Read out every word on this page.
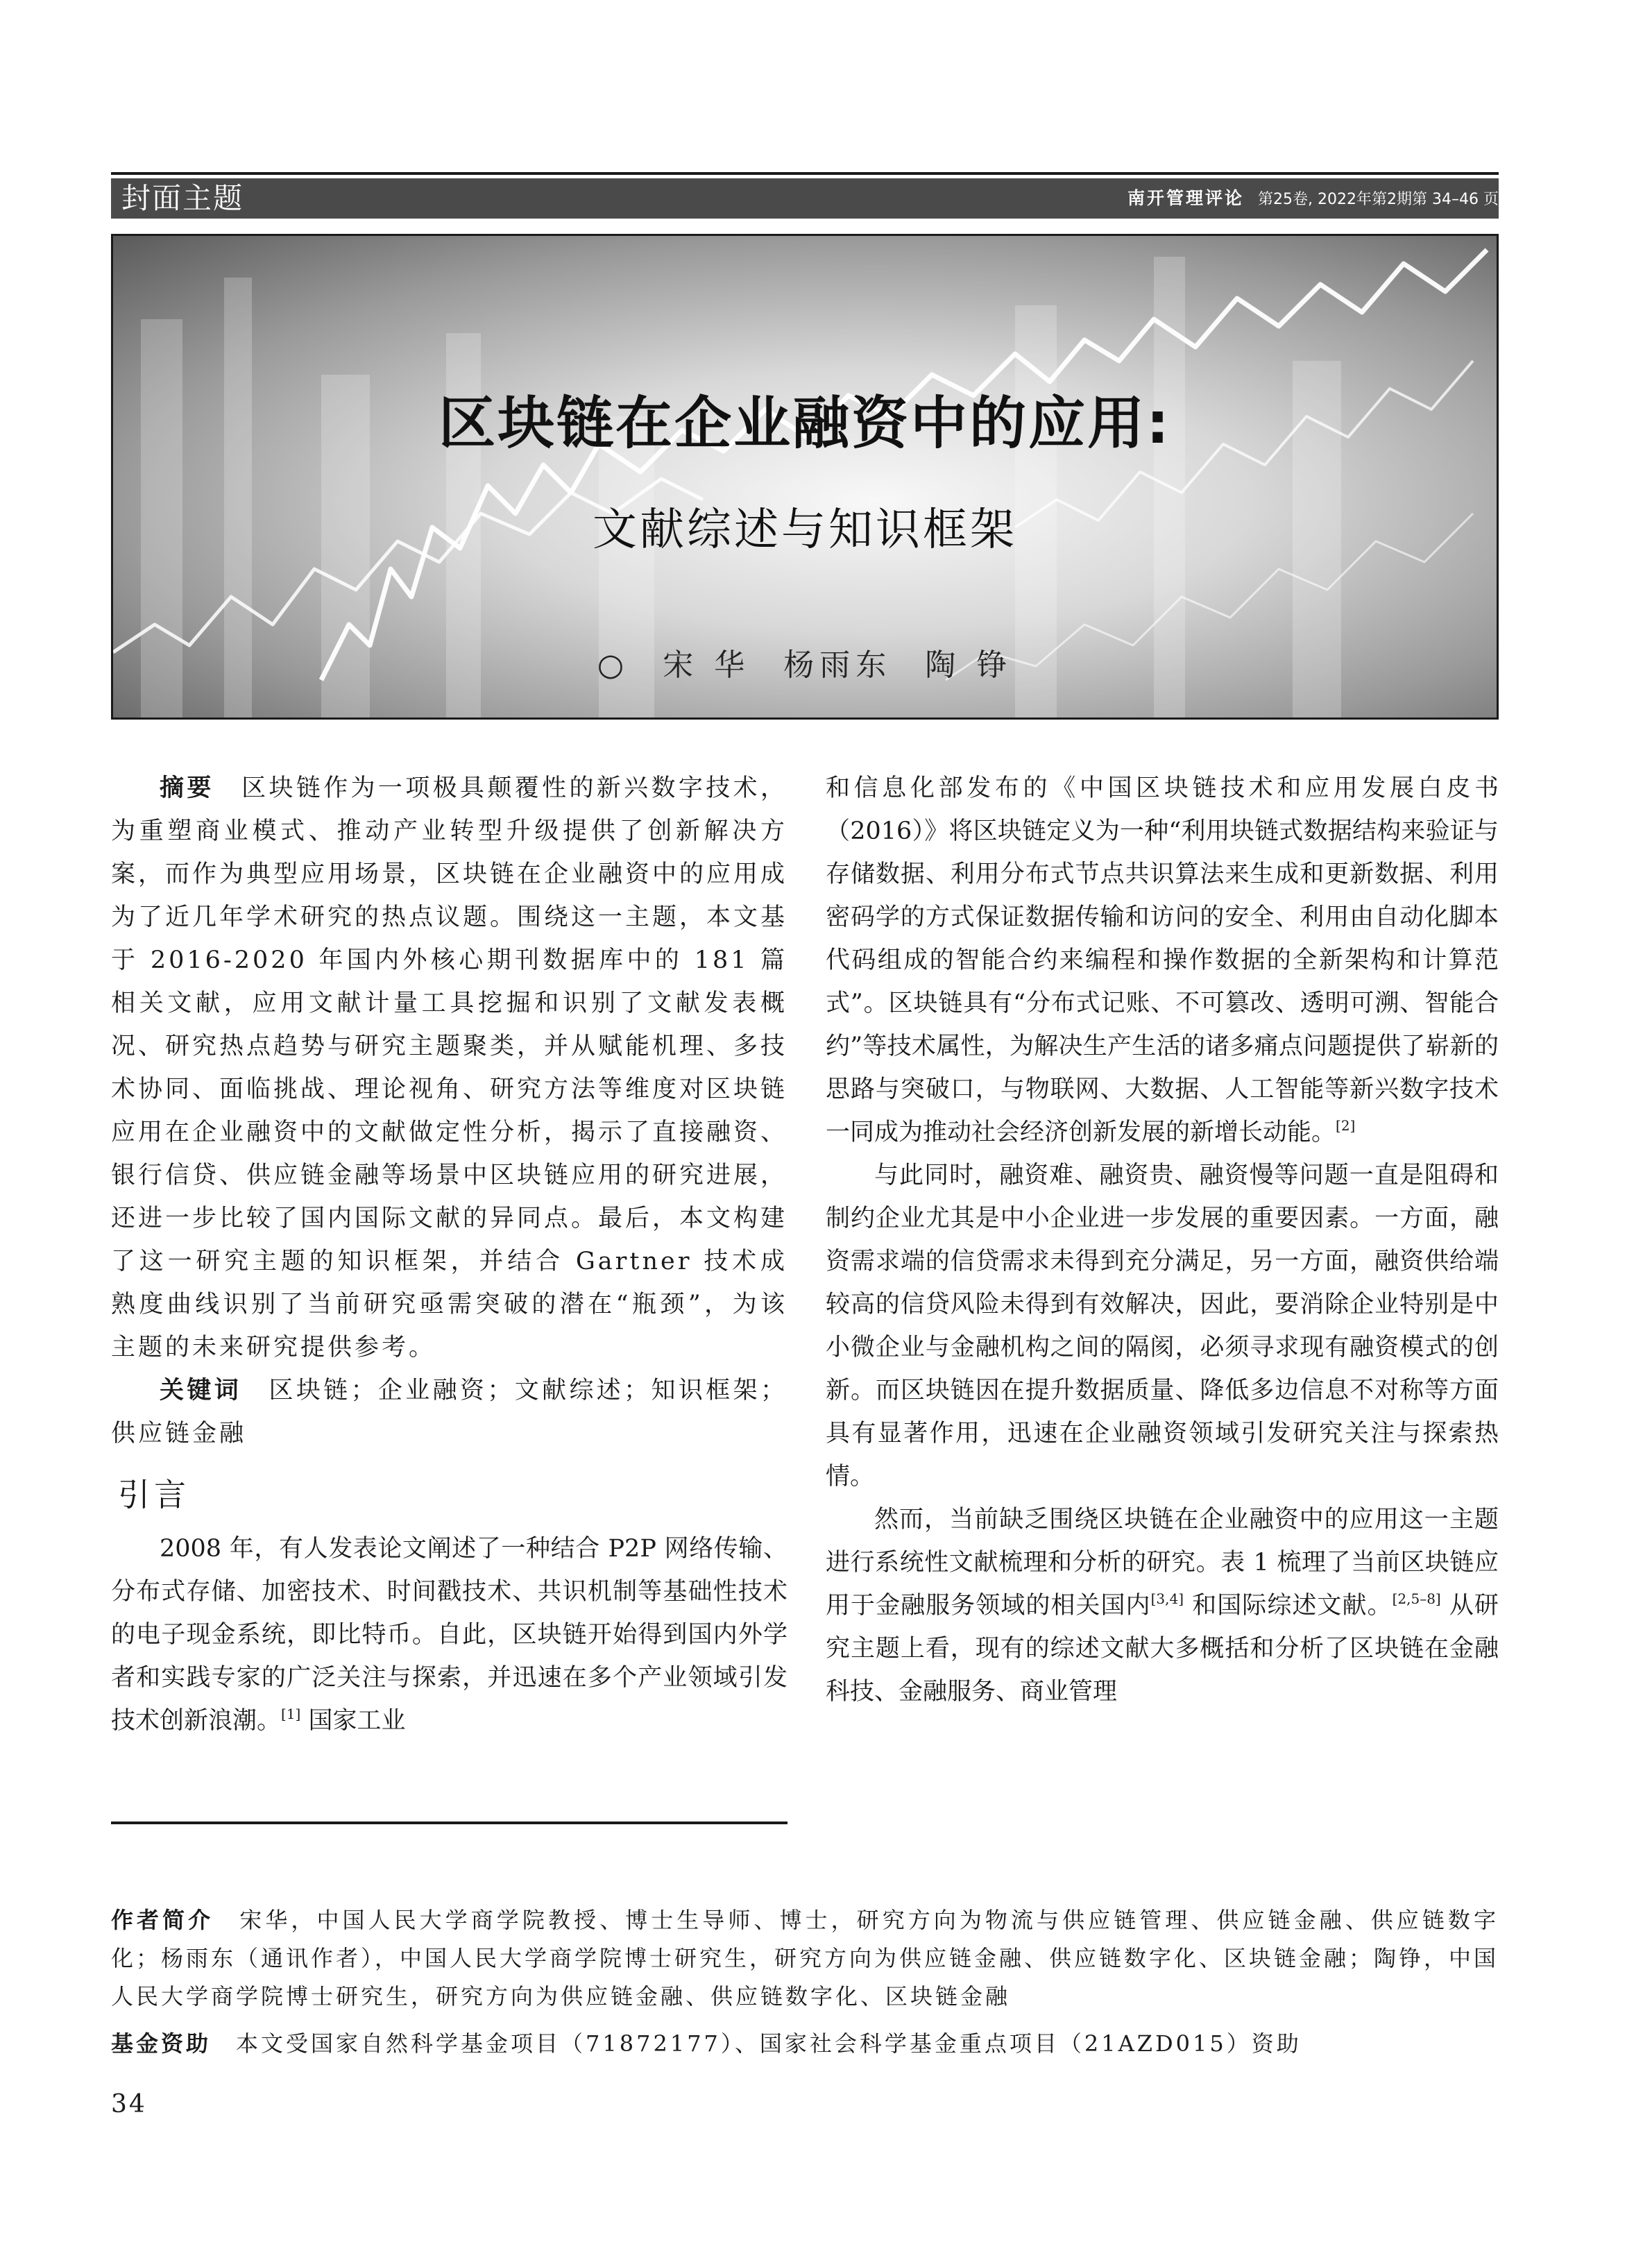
封面主题	南开管理评论 第25卷, 2022年第2期第 34–46 页
区块链在企业融资中的应用:
文献综述与知识框架
○ 宋 华 杨雨东 陶 铮

摘要　 区块链作为一项极具颠覆性的新兴数字技术，为重塑商业模式、推动产业转型升级提供了创新解决方案，而作为典型应用场景，区块链在企业融资中的应用成为了近几年学术研究的热点议题。围绕这一主题，本文基于 2016-2020 年国内外核心期刊数据库中的 181 篇相关文献，应用文献计量工具挖掘和识别了文献发表概况、研究热点趋势与研究主题聚类，并从赋能机理、多技术协同、面临挑战、理论视角、研究方法等维度对区块链应用在企业融资中的文献做定性分析，揭示了直接融资、银行信贷、供应链金融等场景中区块链应用的研究进展，还进一步比较了国内国际文献的异同点。最后，本文构建了这一研究主题的知识框架，并结合 Gartner 技术成熟度曲线识别了当前研究亟需突破的潜在“瓶颈”，为该主题的未来研究提供参考。

关键词　 区块链；企业融资；文献综述；知识框架；供应链金融

引言

2008 年，有人发表论文阐述了一种结合 P2P 网络传输、分布式存储、加密技术、时间戳技术、共识机制等基础性技术的电子现金系统，即比特币。自此，区块链开始得到国内外学者和实践专家的广泛关注与探索，并迅速在多个产业领域引发技术创新浪潮。[1] 国家工业

和信息化部发布的《中国区块链技术和应用发展白皮书（2016）》将区块链定义为一种“利用块链式数据结构来验证与存储数据、利用分布式节点共识算法来生成和更新数据、利用密码学的方式保证数据传输和访问的安全、利用由自动化脚本代码组成的智能合约来编程和操作数据的全新架构和计算范式”。区块链具有“分布式记账、不可篡改、透明可溯、智能合约”等技术属性，为解决生产生活的诸多痛点问题提供了崭新的思路与突破口，与物联网、大数据、人工智能等新兴数字技术一同成为推动社会经济创新发展的新增长动能。[2]

与此同时，融资难、融资贵、融资慢等问题一直是阻碍和制约企业尤其是中小企业进一步发展的重要因素。一方面，融资需求端的信贷需求未得到充分满足，另一方面，融资供给端较高的信贷风险未得到有效解决，因此，要消除企业特别是中小微企业与金融机构之间的隔阂，必须寻求现有融资模式的创新。而区块链因在提升数据质量、降低多边信息不对称等方面具有显著作用，迅速在企业融资领域引发研究关注与探索热情。

然而，当前缺乏围绕区块链在企业融资中的应用这一主题进行系统性文献梳理和分析的研究。表 1 梳理了当前区块链应用于金融服务领域的相关国内[3,4] 和国际综述文献。[2,5–8] 从研究主题上看，现有的综述文献大多概括和分析了区块链在金融科技、金融服务、商业管理

作者简介　 宋华，中国人民大学商学院教授、博士生导师、博士，研究方向为物流与供应链管理、供应链金融、供应链数字化；杨雨东（通讯作者），中国人民大学商学院博士研究生，研究方向为供应链金融、供应链数字化、区块链金融；陶铮，中国人民大学商学院博士研究生，研究方向为供应链金融、供应链数字化、区块链金融
基金资助　 本文受国家自然科学基金项目（71872177）、国家社会科学基金重点项目（21AZD015）资助
34
